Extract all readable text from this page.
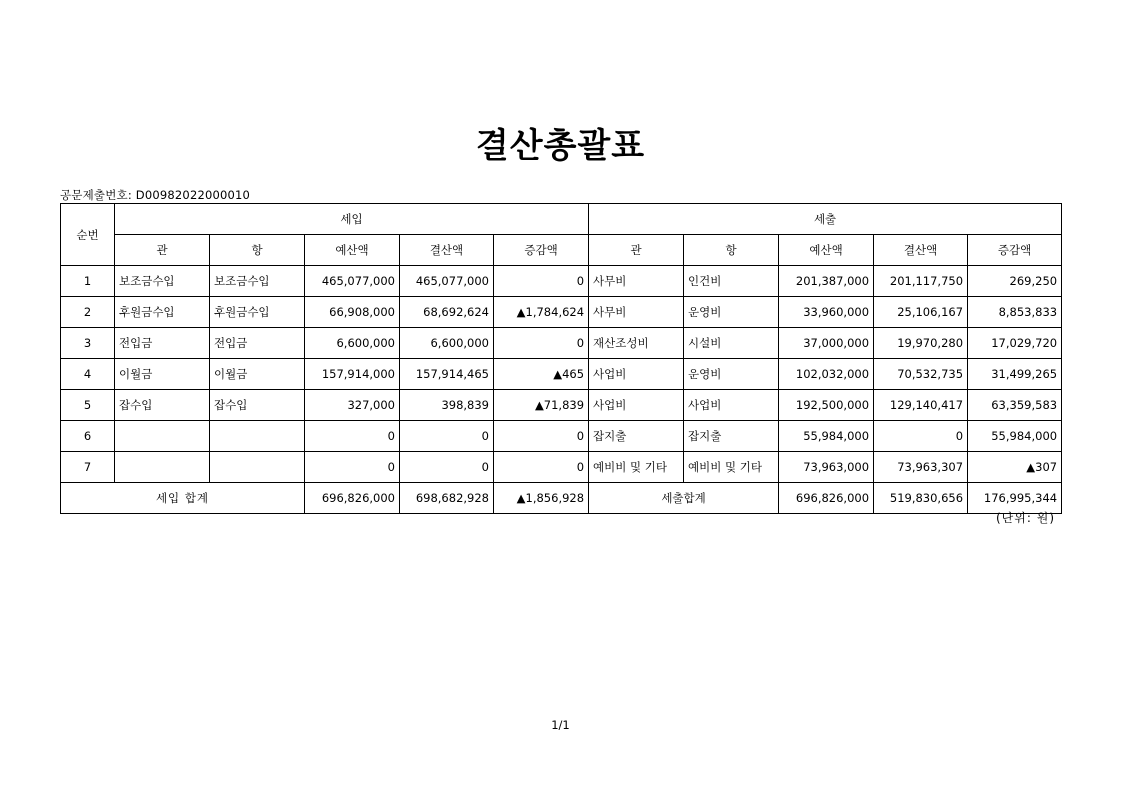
결산총괄표
공문제출번호: D00982022000010
순번	세입					세출				
	관	항	예산액	결산액	증감액	관	항	예산액	결산액	증감액
1	보조금수입	보조금수입	465,077,000	465,077,000	0	사무비	인건비	201,387,000	201,117,750	269,250
2	후원금수입	후원금수입	66,908,000	68,692,624	▲1,784,624	사무비	운영비	33,960,000	25,106,167	8,853,833
3	전입금	전입금	6,600,000	6,600,000	0	재산조성비	시설비	37,000,000	19,970,280	17,029,720
4	이월금	이월금	157,914,000	157,914,465	▲465	사업비	운영비	102,032,000	70,532,735	31,499,265
5	잡수입	잡수입	327,000	398,839	▲71,839	사업비	사업비	192,500,000	129,140,417	63,359,583
6			0	0	0	잡지출	잡지출	55,984,000	0	55,984,000
7			0	0	0	예비비 및 기타	예비비 및 기타	73,963,000	73,963,307	▲307
세입 합계			696,826,000	698,682,928	▲1,856,928	세출합계		696,826,000	519,830,656	176,995,344
(단위: 원)
1/1
